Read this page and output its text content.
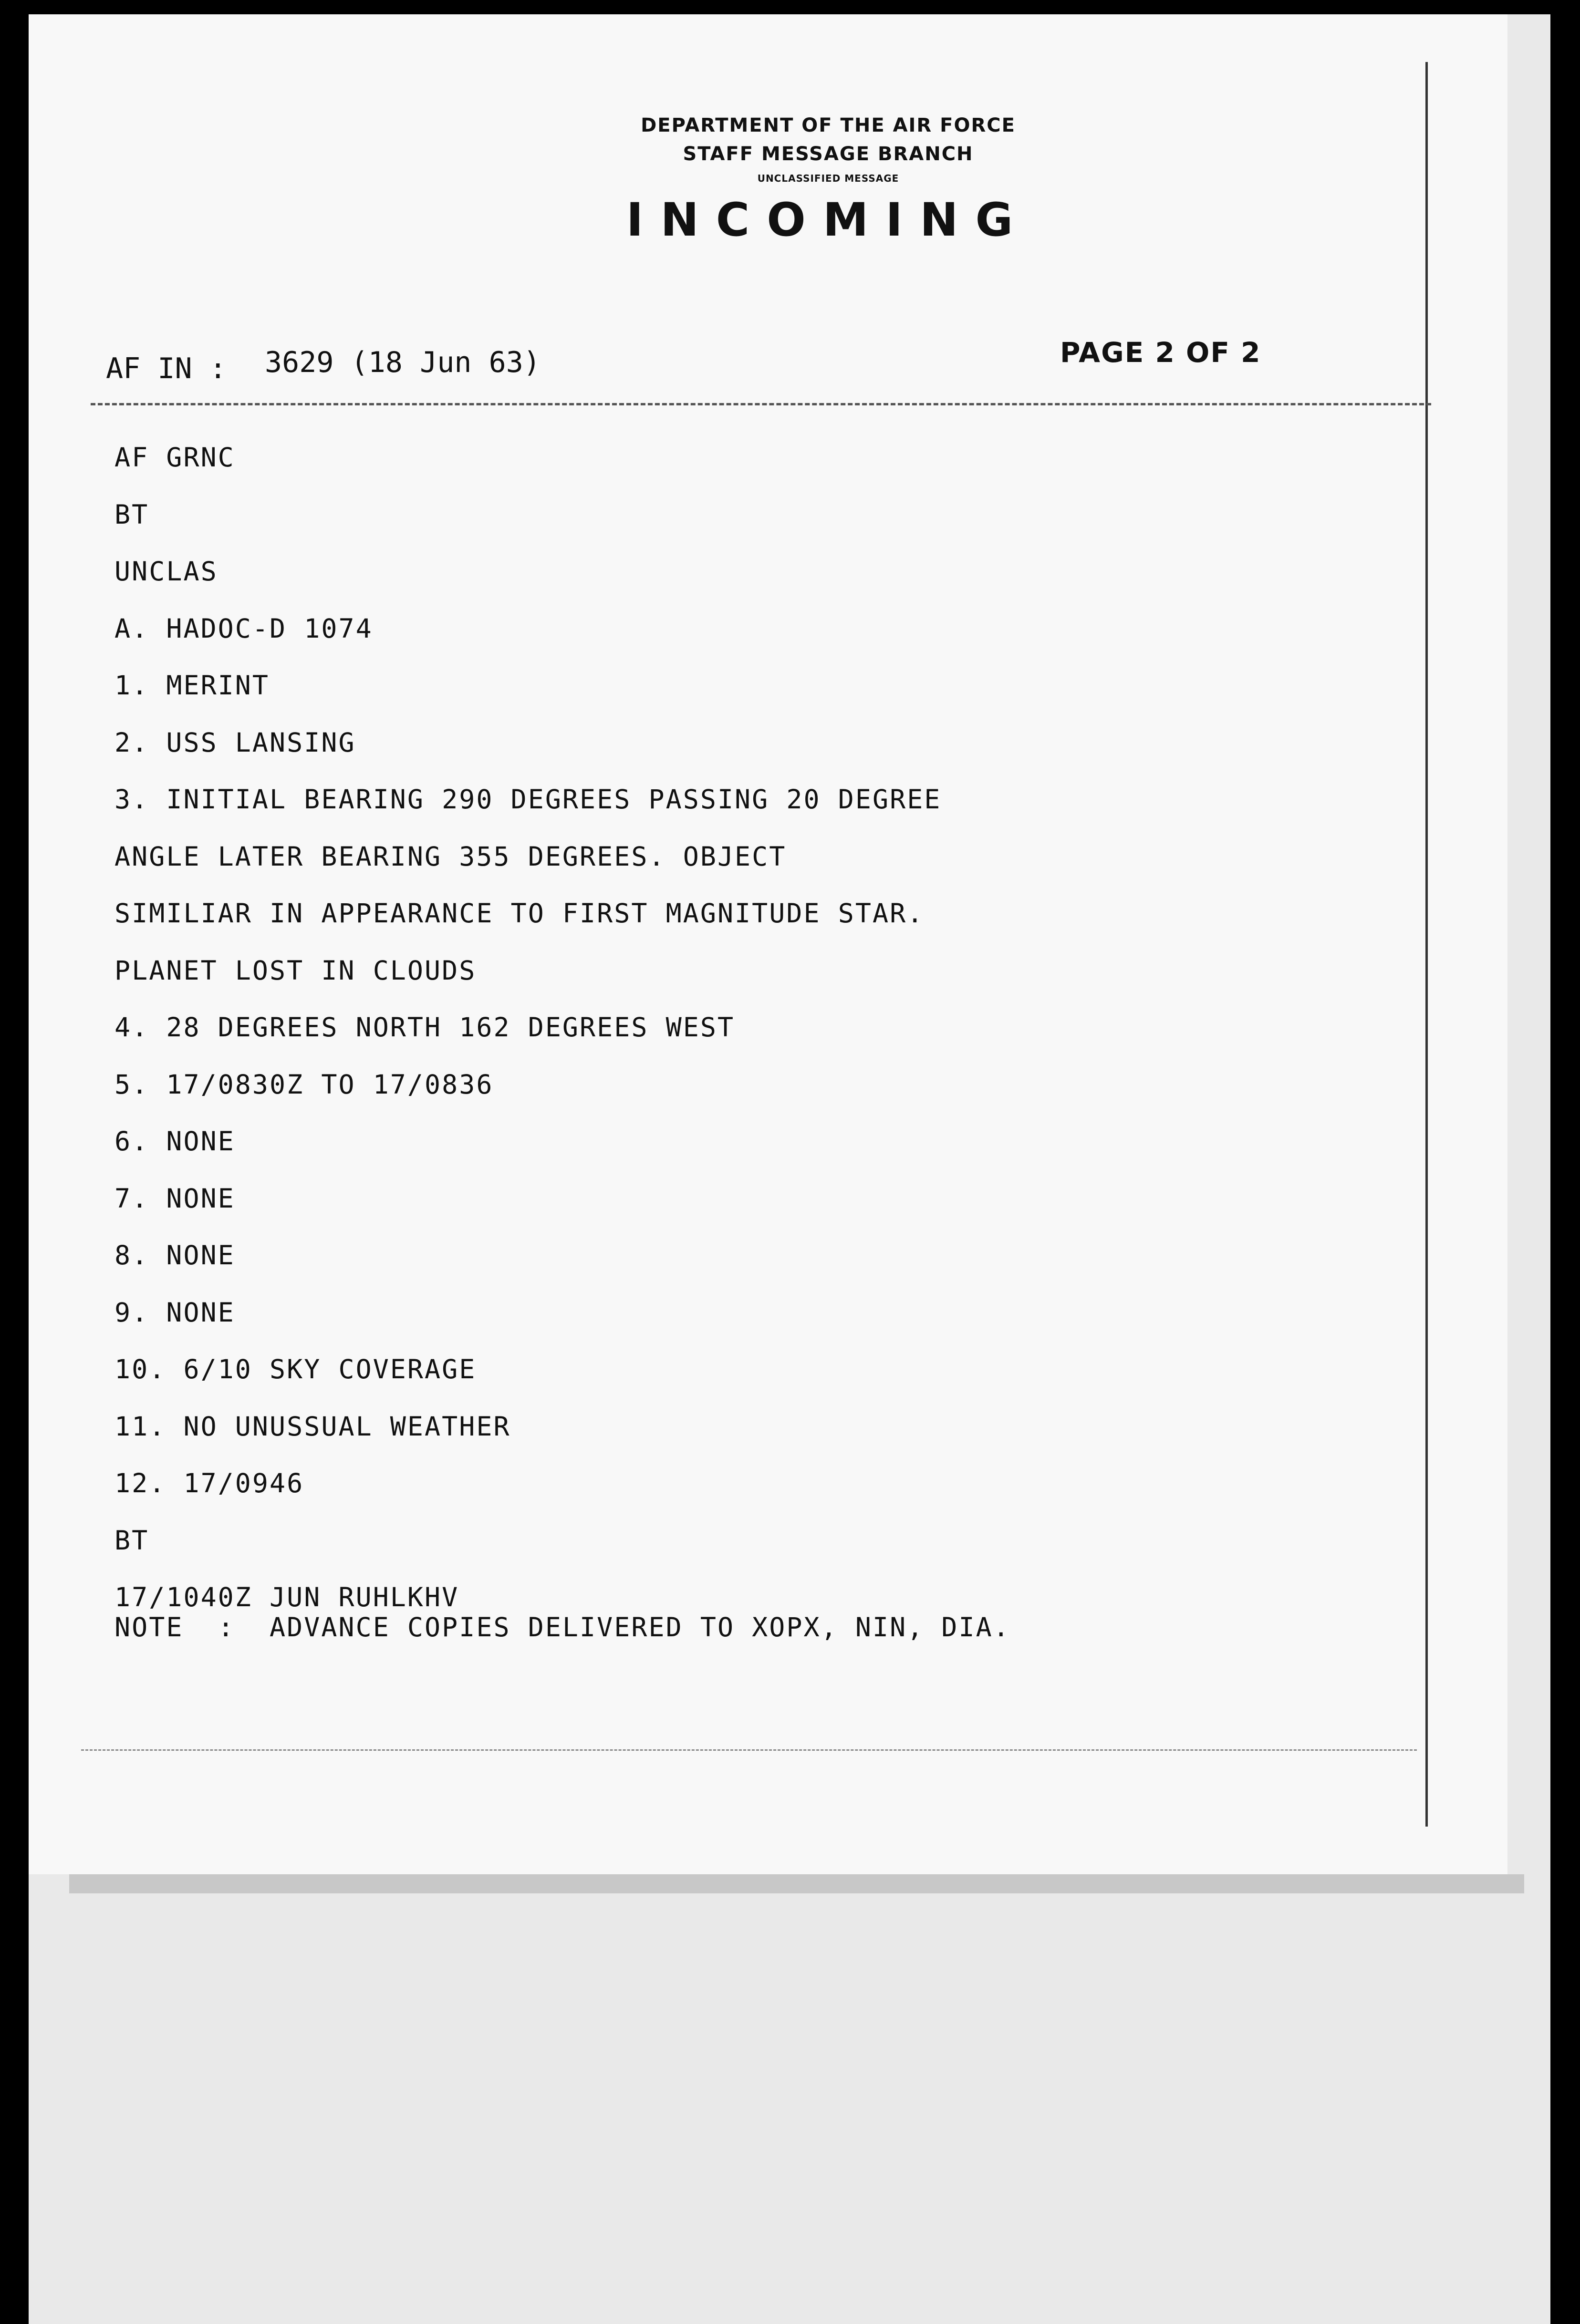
DEPARTMENT OF THE AIR FORCE
STAFF MESSAGE BRANCH
UNCLASSIFIED MESSAGE
INCOMING
AF IN : 3629 (18 Jun 63)	PAGE 2 OF 2
AF GRNC
BT
UNCLAS
A. HADOC-D 1074
1. MERINT
2. USS LANSING
3. INITIAL BEARING 290 DEGREES PASSING 20 DEGREE
ANGLE LATER BEARING 355 DEGREES. OBJECT
SIMILIAR IN APPEARANCE TO FIRST MAGNITUDE STAR.
PLANET LOST IN CLOUDS
4. 28 DEGREES NORTH 162 DEGREES WEST
5. 17/0830Z TO 17/0836
6. NONE
7. NONE
8. NONE
9. NONE
10. 6/10 SKY COVERAGE
11. NO UNUSSUAL WEATHER
12. 17/0946
BT
17/1040Z JUN RUHLKHV
NOTE  :  ADVANCE COPIES DELIVERED TO XOPX, NIN, DIA.
